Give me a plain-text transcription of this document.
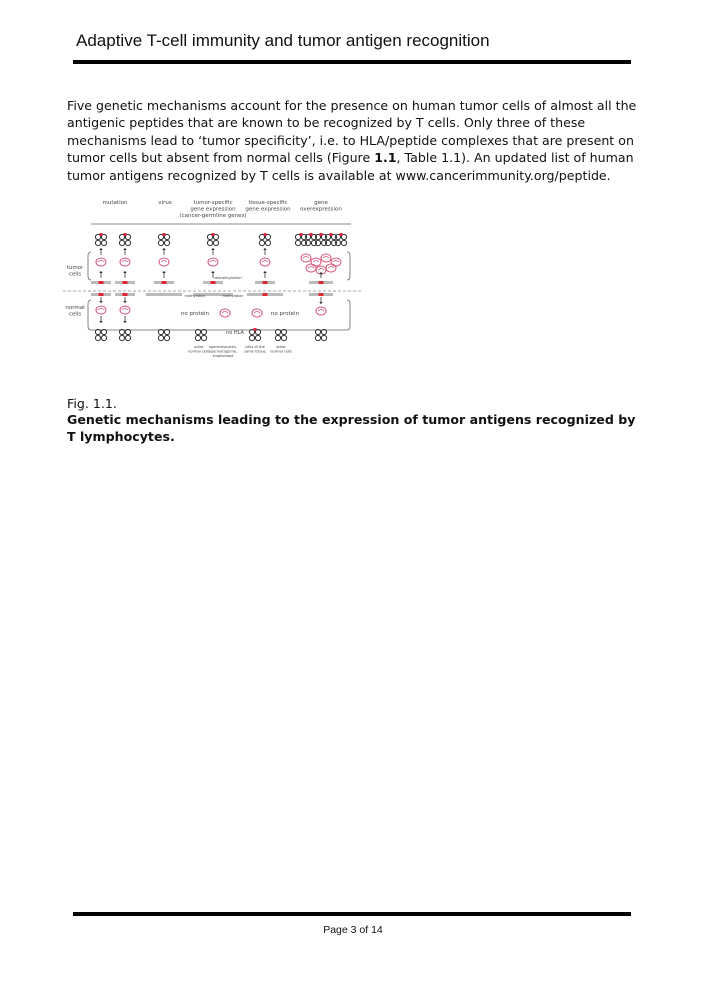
Adaptive T-cell immunity and tumor antigen recognition

Five genetic mechanisms account for the presence on human tumor cells of almost all the antigenic peptides that are known to be recognized by T cells. Only three of these mechanisms lead to ‘tumor specificity’, i.e. to HLA/peptide complexes that are present on tumor cells but absent from normal cells (Figure 1.1, Table 1.1). An updated list of human tumor antigens recognized by T cells is available at www.cancerimmunity.org/peptide.

mutation	virus	tumor-specific
gene expression
(cancer-germline genes)
tissue-specific
gene expression
gene
overexpression
tumor
cells
normal
cells
demethylation
methylation	methylation
no protein
no HLA
no protein
other
normal cells
spermatocytes,
spermatogonia,
trophoblast
cells of the
same tissue
other
normal cells
Fig. 1.1.
Genetic mechanisms leading to the expression of tumor antigens recognized by T lymphocytes.
Page 3 of 14
